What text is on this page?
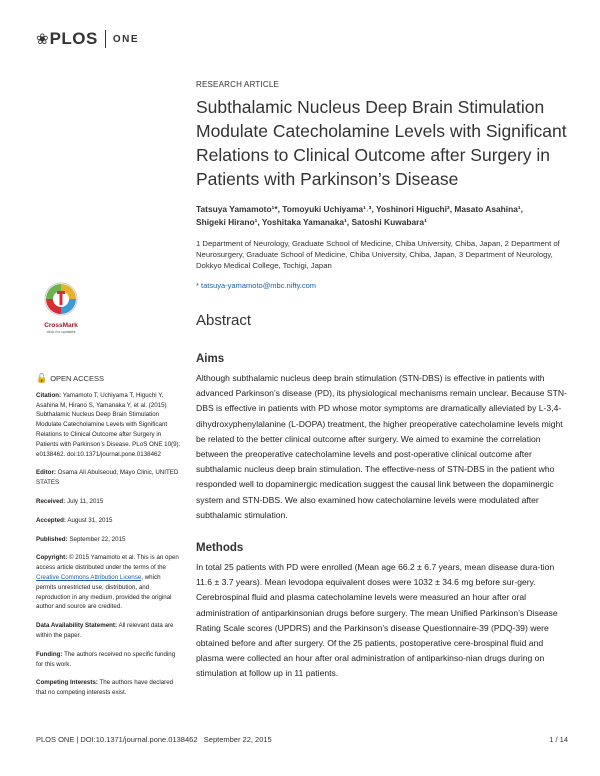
❀ PLOS ONE
CrossMark
click for updates
RESEARCH ARTICLE
Subthalamic Nucleus Deep Brain Stimulation Modulate Catecholamine Levels with Significant Relations to Clinical Outcome after Surgery in Patients with Parkinson’s Disease
Tatsuya Yamamoto¹*, Tomoyuki Uchiyama¹˒³, Yoshinori Higuchi², Masato Asahina¹,
Shigeki Hirano¹, Yoshitaka Yamanaka¹, Satoshi Kuwabara¹
1 Department of Neurology, Graduate School of Medicine, Chiba University, Chiba, Japan, 2 Department of Neurosurgery, Graduate School of Medicine, Chiba University, Chiba, Japan, 3 Department of Neurology, Dokkyo Medical College, Tochigi, Japan
* tatsuya-yamamoto@mbc.nifty.com
Abstract
Aims

Although subthalamic nucleus deep brain stimulation (STN-DBS) is effective in patients with advanced Parkinson’s disease (PD), its physiological mechanisms remain unclear. Because STN-DBS is effective in patients with PD whose motor symptoms are dramatically alleviated by L-3,4-dihydroxyphenylalanine (L-DOPA) treatment, the higher preoperative catecholamine levels might be related to the better clinical outcome after surgery. We aimed to examine the correlation between the preoperative catecholamine levels and post-operative clinical outcome after subthalamic nucleus deep brain stimulation. The effective-ness of STN-DBS in the patient who responded well to dopaminergic medication suggest the causal link between the dopaminergic system and STN-DBS. We also examined how catecholamine levels were modulated after subthalamic stimulation.

Methods

In total 25 patients with PD were enrolled (Mean age 66.2 ± 6.7 years, mean disease dura-tion 11.6 ± 3.7 years). Mean levodopa equivalent doses were 1032 ± 34.6 mg before sur-gery. Cerebrospinal fluid and plasma catecholamine levels were measured an hour after oral administration of antiparkinsonian drugs before surgery. The mean Unified Parkinson’s Disease Rating Scale scores (UPDRS) and the Parkinson’s disease Questionnaire-39 (PDQ-39) were obtained before and after surgery. Of the 25 patients, postoperative cere-brospinal fluid and plasma were collected an hour after oral administration of antiparkinso-nian drugs during on stimulation at follow up in 11 patients.

🔓 OPEN ACCESS

Citation: Yamamoto T, Uchiyama T, Higuchi Y, Asahina M, Hirano S, Yamanaka Y, et al. (2015) Subthalamic Nucleus Deep Brain Stimulation Modulate Catecholamine Levels with Significant Relations to Clinical Outcome after Surgery in Patients with Parkinson’s Disease. PLoS ONE 10(9): e0138462. doi:10.1371/journal.pone.0138462

Editor: Osama Ali Abulseoud, Mayo Clinic, UNITED STATES

Received: July 11, 2015

Accepted: August 31, 2015

Published: September 22, 2015

Copyright: © 2015 Yamamoto et al. This is an open access article distributed under the terms of the Creative Commons Attribution License, which permits unrestricted use, distribution, and reproduction in any medium, provided the original author and source are credited.

Data Availability Statement: All relevant data are within the paper.

Funding: The authors received no specific funding for this work.

Competing Interests: The authors have declared that no competing interests exist.

PLOS ONE | DOI:10.1371/journal.pone.0138462 September 22, 2015	1 / 14
